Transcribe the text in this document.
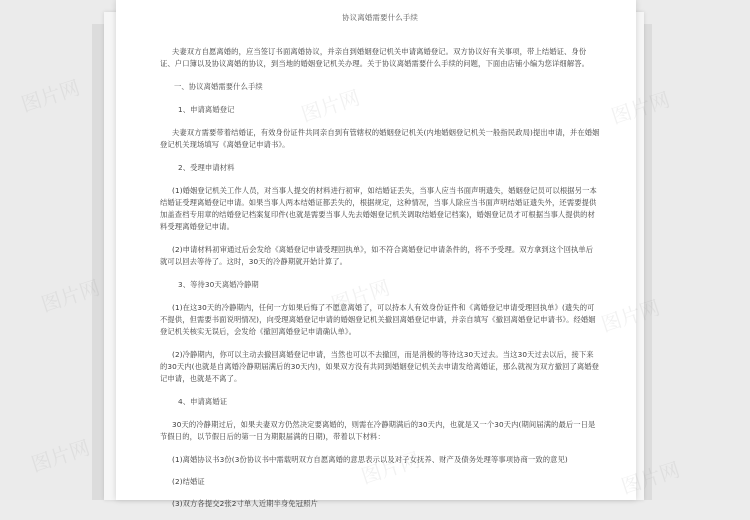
协议离婚需要什么手续
夫妻双方自愿离婚的，应当签订书面离婚协议，并亲自到婚姻登记机关申请离婚登记。双方协议好有关事项，带上结婚证、身份证、户口簿以及协议离婚的协议，到当地的婚姻登记机关办理。关于协议离婚需要什么手续的问题，下面由店铺小编为您详细解答。
一、协议离婚需要什么手续
1、申请离婚登记
夫妻双方需要带着结婚证，有效身份证件共同亲自到有管辖权的婚姻登记机关(内地婚姻登记机关一般指民政局)提出申请，并在婚姻登记机关现场填写《离婚登记申请书》。
2、受理申请材料
(1)婚姻登记机关工作人员，对当事人提交的材料进行初审，如结婚证丢失，当事人应当书面声明遗失，婚姻登记员可以根据另一本结婚证受理离婚登记申请。如果当事人两本结婚证都丢失的，根据规定，这种情况，当事人除应当书面声明结婚证遗失外，还需要提供加盖查档专用章的结婚登记档案复印件(也就是需要当事人先去婚姻登记机关调取结婚登记档案)，婚姻登记员才可根据当事人提供的材料受理离婚登记申请。
(2)申请材料初审通过后会发给《离婚登记申请受理回执单》，如不符合离婚登记申请条件的，将不予受理。双方拿到这个回执单后就可以回去等待了。这时，30天的冷静期就开始计算了。
3、等待30天离婚冷静期
(1)在这30天的冷静期内，任何一方如果后悔了不愿意离婚了，可以持本人有效身份证件和《离婚登记申请受理回执单》(遗失的可不提供，但需要书面说明情况)，向受理离婚登记申请的婚姻登记机关撤回离婚登记申请，并亲自填写《撤回离婚登记申请书》。经婚姻登记机关核实无误后，会发给《撤回离婚登记申请确认单》。
(2)冷静期内，你可以主动去撤回离婚登记申请，当然也可以不去撤回，而是消极的等待这30天过去。当这30天过去以后，接下来的30天内(也就是自离婚冷静期届满后的30天内)，如果双方没有共同到婚姻登记机关去申请发给离婚证，那么就视为双方撤回了离婚登记申请，也就是不离了。
4、申请离婚证
30天的冷静期过后，如果夫妻双方仍然决定要离婚的，则需在冷静期满后的30天内，也就是又一个30天内(期间届满的最后一日是节假日的，以节假日后的第一日为期限届满的日期)，带着以下材料：
(1)离婚协议书3份(3份协议书中需载明双方自愿离婚的意思表示以及对子女抚养、财产及债务处理等事项协商一致的意见)
(2)结婚证
(3)双方各提交2张2寸单人近期半身免冠照片
图片网
图片网
图片网
